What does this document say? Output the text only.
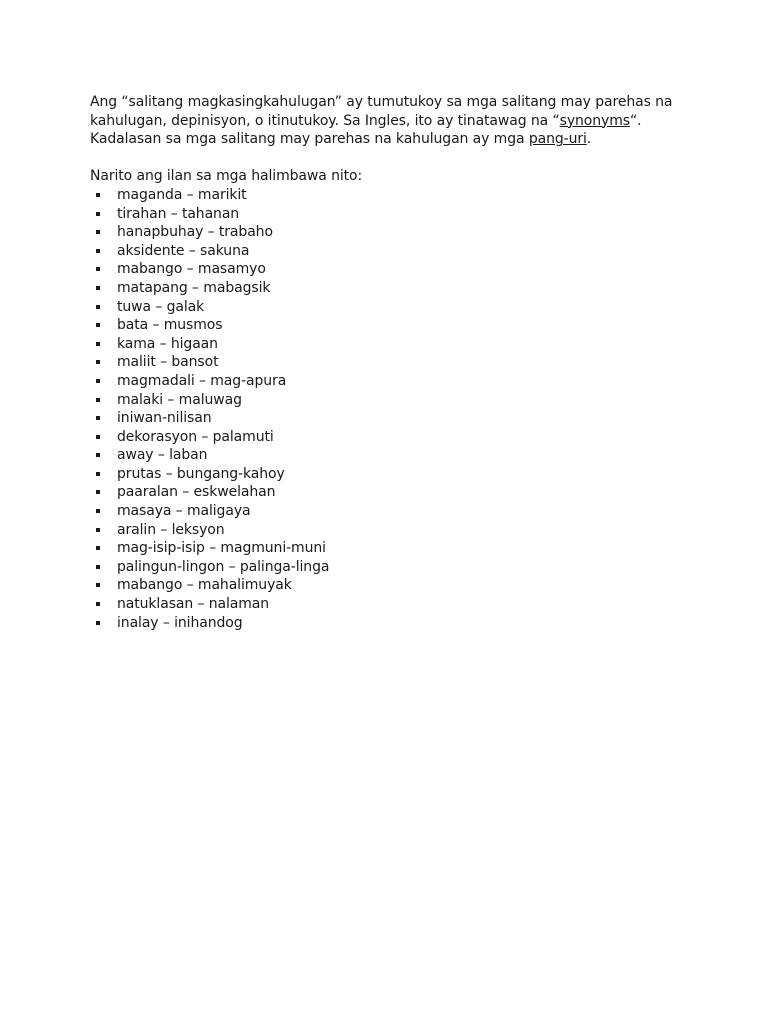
Ang “salitang magkasingkahulugan” ay tumutukoy sa mga salitang may parehas na

kahulugan, depinisyon, o itinutukoy. Sa Ingles, ito ay tinatawag na “synonyms“.

Kadalasan sa mga salitang may parehas na kahulugan ay mga pang-uri.

Narito ang ilan sa mga halimbawa nito:

maganda – marikit
tirahan – tahanan
hanapbuhay – trabaho
aksidente – sakuna
mabango – masamyo
matapang – mabagsik
tuwa – galak
bata – musmos
kama – higaan
maliit – bansot
magmadali – mag-apura
malaki – maluwag
iniwan-nilisan
dekorasyon – palamuti
away – laban
prutas – bungang-kahoy
paaralan – eskwelahan
masaya – maligaya
aralin – leksyon
mag-isip-isip – magmuni-muni
palingun-lingon – palinga-linga
mabango – mahalimuyak
natuklasan – nalaman
inalay – inihandog
